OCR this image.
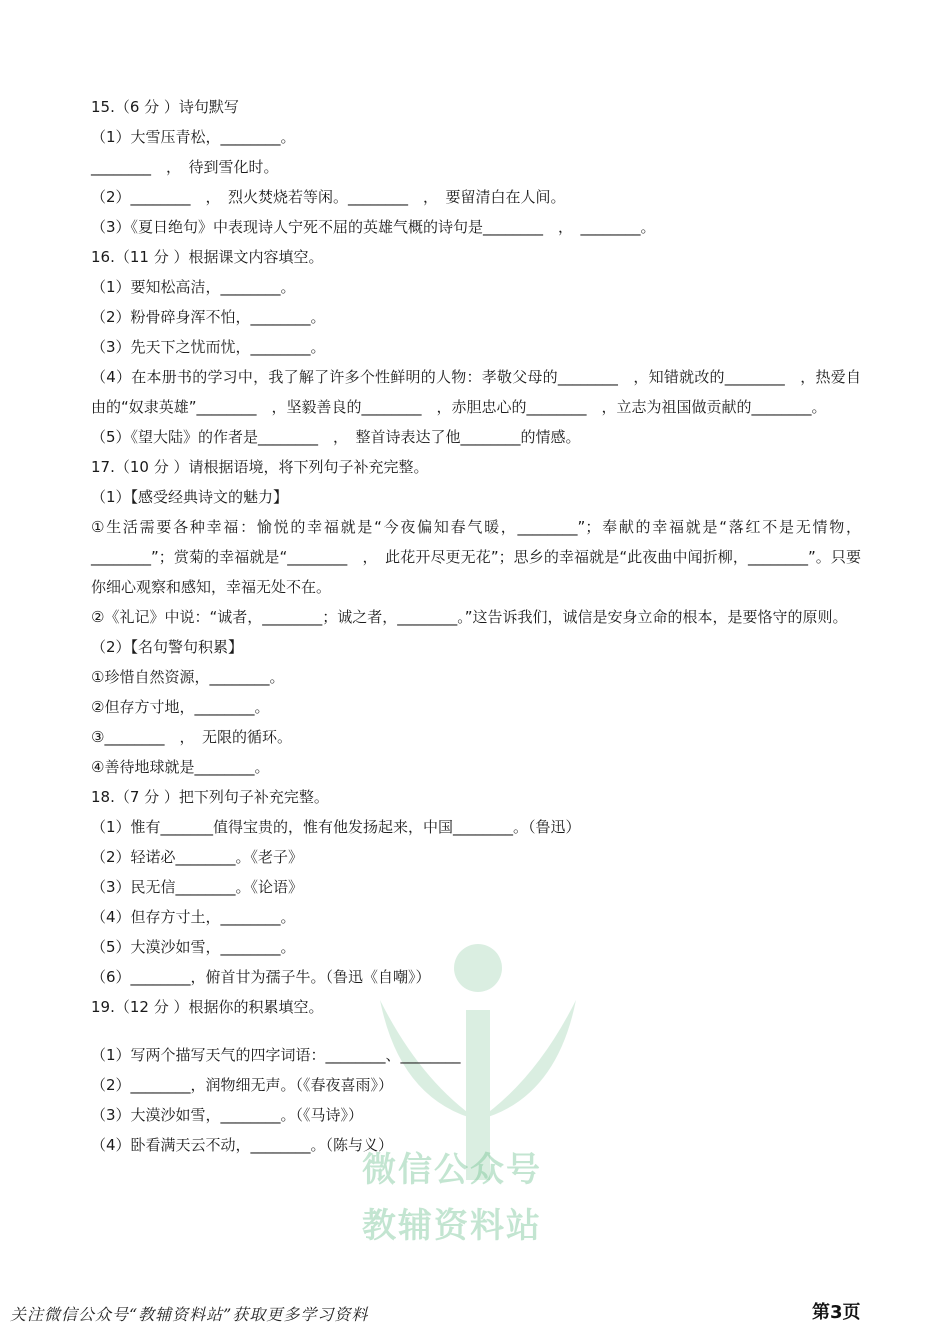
微信公众号
教辅资料站
15.（6 分 ）诗句默写
（1）大雪压青松，________。
________　，　待到雪化时。
（2）________　，　烈火焚烧若等闲。________　，　要留清白在人间。
（3）《夏日绝句》中表现诗人宁死不屈的英雄气概的诗句是________　，　________。
16.（11 分 ）根据课文内容填空。
（1）要知松高洁，________。
（2）粉骨碎身浑不怕，________。
（3）先天下之忧而忧，________。
（4）在本册书的学习中，我了解了许多个性鲜明的人物：孝敬父母的________　，知错就改的________　，热爱自由的“奴隶英雄”________　，坚毅善良的________　，赤胆忠心的________　，立志为祖国做贡献的________。
（5）《望大陆》的作者是________　，　整首诗表达了他________的情感。
17.（10 分 ）请根据语境，将下列句子补充完整。
（1）【感受经典诗文的魅力】
①生活需要各种幸福：愉悦的幸福就是“今夜偏知春气暖，________”；奉献的幸福就是“落红不是无情物，________”；赏菊的幸福就是“________　，　此花开尽更无花”；思乡的幸福就是“此夜曲中闻折柳，________”。只要你细心观察和感知，幸福无处不在。
②《礼记》中说：“诚者，________；诚之者，________。”这告诉我们，诚信是安身立命的根本，是要恪守的原则。
（2）【名句警句积累】
①珍惜自然资源，________。
②但存方寸地，________。
③________　，　无限的循环。
④善待地球就是________。
18.（7 分 ）把下列句子补充完整。
（1）惟有_______值得宝贵的，惟有他发扬起来，中国________。（鲁迅）
（2）轻诺必________。《老子》
（3）民无信________。《论语》
（4）但存方寸土，________。
（5）大漠沙如雪，________。
（6）________，俯首甘为孺子牛。（鲁迅《自嘲》）
19.（12 分 ）根据你的积累填空。
（1）写两个描写天气的四字词语：________、________
（2）________，润物细无声。（《春夜喜雨》）
（3）大漠沙如雪，________。（《马诗》）
（4）卧看满天云不动，________。（陈与义）
关注微信公众号“教辅资料站”获取更多学习资料	第3页
